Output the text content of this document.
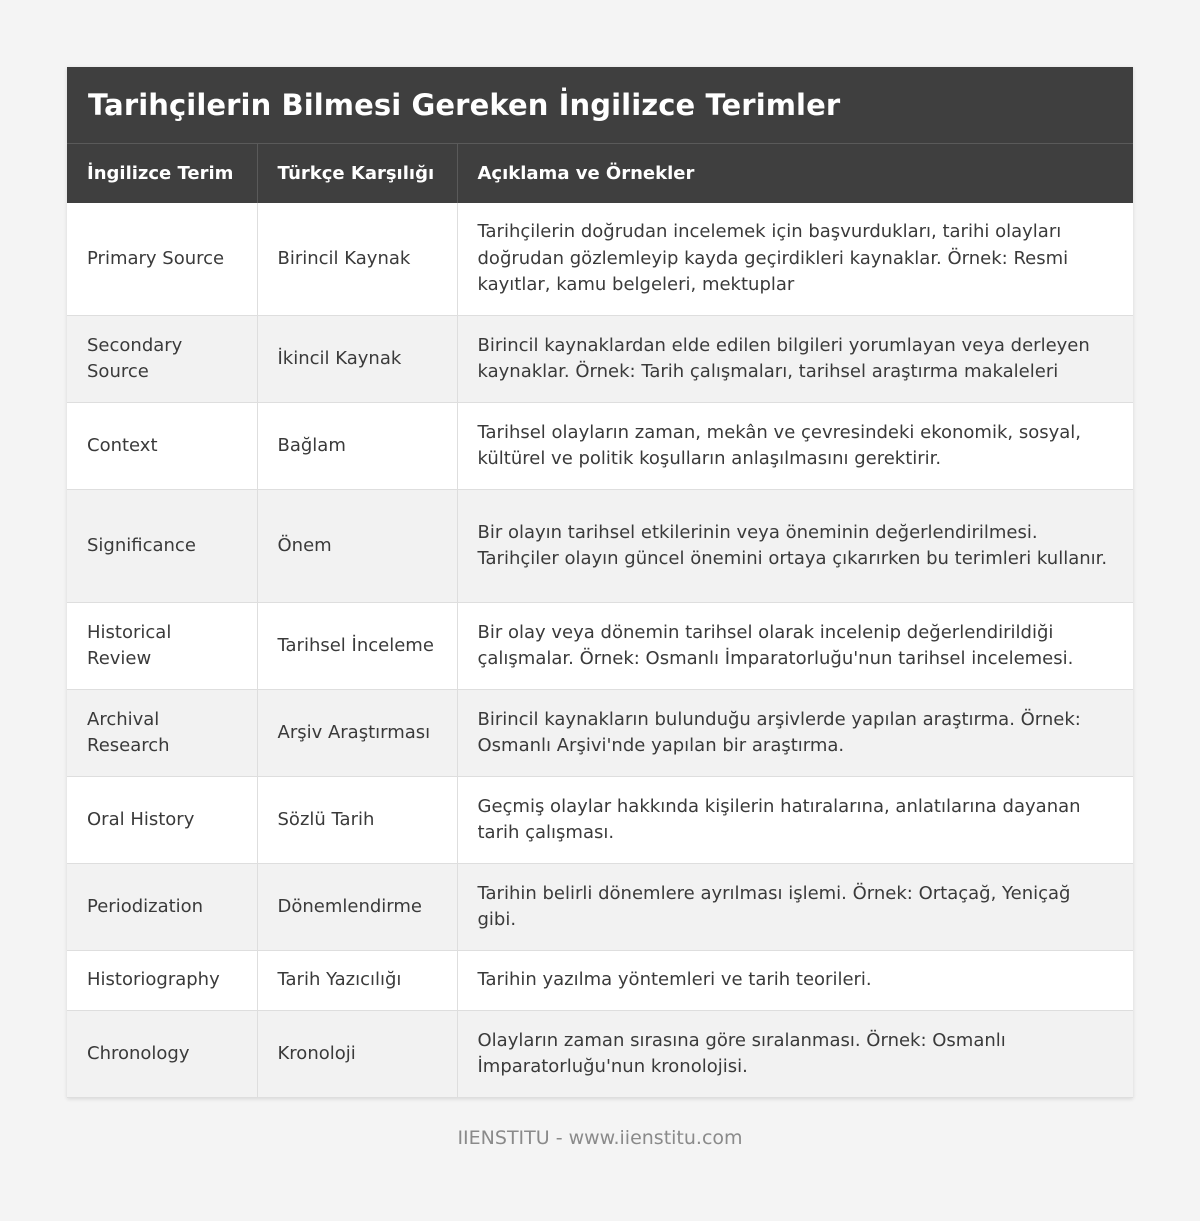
Tarihçilerin Bilmesi Gereken İngilizce Terimler
İngilizce Terim	Türkçe Karşılığı	Açıklama ve Örnekler
Primary Source	Birincil Kaynak	Tarihçilerin doğrudan incelemek için başvurdukları, tarihi olayları doğrudan gözlemleyip kayda geçirdikleri kaynaklar. Örnek: Resmi kayıtlar, kamu belgeleri, mektuplar
Secondary Source	İkincil Kaynak	Birincil kaynaklardan elde edilen bilgileri yorumlayan veya derleyen kaynaklar. Örnek: Tarih çalışmaları, tarihsel araştırma makaleleri
Context	Bağlam	Tarihsel olayların zaman, mekân ve çevresindeki ekonomik, sosyal, kültürel ve politik koşulların anlaşılmasını gerektirir.
Significance	Önem	Bir olayın tarihsel etkilerinin veya öneminin değerlendirilmesi. Tarihçiler olayın güncel önemini ortaya çıkarırken bu terimleri kullanır.
Historical Review	Tarihsel İnceleme	Bir olay veya dönemin tarihsel olarak incelenip değerlendirildiği çalışmalar. Örnek: Osmanlı İmparatorluğu'nun tarihsel incelemesi.
Archival Research	Arşiv Araştırması	Birincil kaynakların bulunduğu arşivlerde yapılan araştırma. Örnek: Osmanlı Arşivi'nde yapılan bir araştırma.
Oral History	Sözlü Tarih	Geçmiş olaylar hakkında kişilerin hatıralarına, anlatılarına dayanan tarih çalışması.
Periodization	Dönemlendirme	Tarihin belirli dönemlere ayrılması işlemi. Örnek: Ortaçağ, Yeniçağ gibi.
Historiography	Tarih Yazıcılığı	Tarihin yazılma yöntemleri ve tarih teorileri.
Chronology	Kronoloji	Olayların zaman sırasına göre sıralanması. Örnek: Osmanlı İmparatorluğu'nun kronolojisi.
IIENSTITU - www.iienstitu.com
